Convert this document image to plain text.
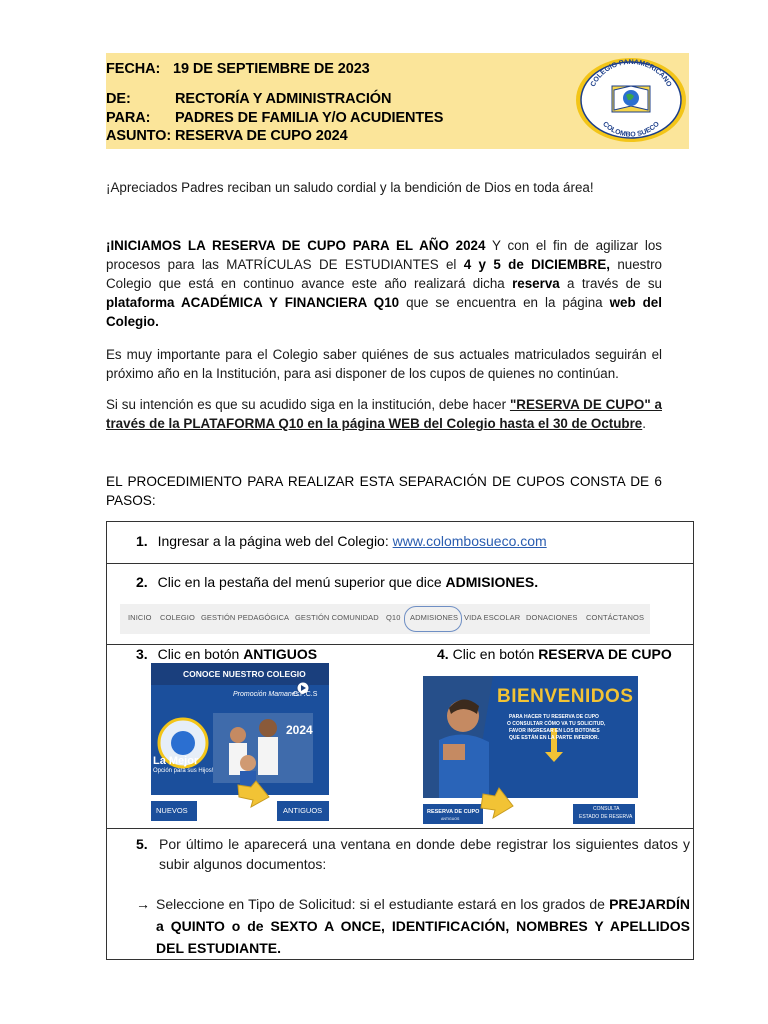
FECHA: 19 DE SEPTIEMBRE DE 2023
DE:	RECTORÍA Y ADMINISTRACIÓN
PARA: PADRES DE FAMILIA Y/O ACUDIENTES
ASUNTO: RESERVA DE CUPO 2024
COLEGIO PANAMERICANO
COLOMBO SUECO
¡Apreciados Padres reciban un saludo cordial y la bendición de Dios en toda área!
¡INICIAMOS LA RESERVA DE CUPO PARA EL AÑO 2024 Y con el fin de agilizar los procesos para las MATRÍCULAS DE ESTUDIANTES el 4 y 5 de DICIEMBRE, nuestro Colegio que está en continuo avance este año realizará dicha reserva a través de su plataforma ACADÉMICA Y FINANCIERA Q10 que se encuentra en la página web del Colegio.
Es muy importante para el Colegio saber quiénes de sus actuales matriculados seguirán el próximo año en la Institución, para asi disponer de los cupos de quienes no continúan.
Si su intención es que su acudido siga en la institución, debe hacer "RESERVA DE CUPO" a través de la PLATAFORMA Q10 en la página WEB del Colegio hasta el 30 de Octubre.
EL PROCEDIMIENTO PARA REALIZAR ESTA SEPARACIÓN DE CUPOS CONSTA DE 6 PASOS:
1. Ingresar a la página web del Colegio: www.colombosueco.com
2. Clic en la pestaña del menú superior que dice ADMISIONES.
INICIO COLEGIO GESTIÓN PEDAGÓGICA GESTIÓN COMUNIDAD Q10 ADMISIONES VIDA ESCOLAR DONACIONES CONTÁCTANOS
3. Clic en botón ANTIGUOS	4. Clic en botón RESERVA DE CUPO
CONOCE NUESTRO COLEGIO
Promoción Mamanes
C.P.C.S
2024
La Mejor
Opción para sus Hijos!
NUEVOS	ANTIGUOS
BIENVENIDOS
PARA HACER TU RESERVA DE CUPO
O CONSULTAR CÓMO VA TU SOLICITUD,
FAVOR INGRESAR EN LOS BOTONES
QUE ESTÁN EN LA PARTE INFERIOR.
RESERVA DE CUPO
ANTIGUOS
CONSULTA
ESTADO DE RESERVA
5. Por último le aparecerá una ventana en donde debe registrar los siguientes datos y subir algunos documentos:
→ Seleccione en Tipo de Solicitud: si el estudiante estará en los grados de PREJARDÍN a QUINTO o de SEXTO A ONCE, IDENTIFICACIÓN, NOMBRES Y APELLIDOS DEL ESTUDIANTE.
